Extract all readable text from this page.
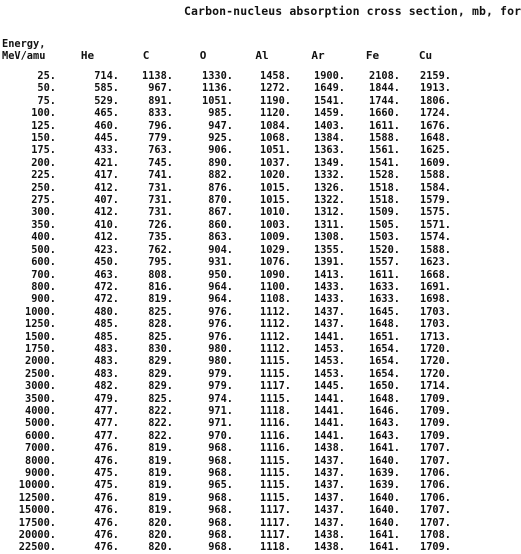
Carbon-nucleus absorption cross section, mb, for
Energy,
MeV/amu	He	C	O	Al	Ar	Fe	Cu
25.	714.	1138.	1330.	1458.	1900.	2108.	2159.
50.	585.	967.	1136.	1272.	1649.	1844.	1913.
75.	529.	891.	1051.	1190.	1541.	1744.	1806.
100.	465.	833.	985.	1120.	1459.	1660.	1724.
125.	460.	796.	947.	1084.	1403.	1611.	1676.
150.	445.	779.	925.	1068.	1384.	1588.	1648.
175.	433.	763.	906.	1051.	1363.	1561.	1625.
200.	421.	745.	890.	1037.	1349.	1541.	1609.
225.	417.	741.	882.	1020.	1332.	1528.	1588.
250.	412.	731.	876.	1015.	1326.	1518.	1584.
275.	407.	731.	870.	1015.	1322.	1518.	1579.
300.	412.	731.	867.	1010.	1312.	1509.	1575.
350.	410.	726.	860.	1003.	1311.	1505.	1571.
400.	412.	735.	863.	1009.	1308.	1503.	1574.
500.	423.	762.	904.	1029.	1355.	1520.	1588.
600.	450.	795.	931.	1076.	1391.	1557.	1623.
700.	463.	808.	950.	1090.	1413.	1611.	1668.
800.	472.	816.	964.	1100.	1433.	1633.	1691.
900.	472.	819.	964.	1108.	1433.	1633.	1698.
1000.	480.	825.	976.	1112.	1437.	1645.	1703.
1250.	485.	828.	976.	1112.	1437.	1648.	1703.
1500.	485.	825.	976.	1112.	1441.	1651.	1713.
1750.	483.	830.	980.	1112.	1453.	1654.	1720.
2000.	483.	829.	980.	1115.	1453.	1654.	1720.
2500.	483.	829.	979.	1115.	1453.	1654.	1720.
3000.	482.	829.	979.	1117.	1445.	1650.	1714.
3500.	479.	825.	974.	1115.	1441.	1648.	1709.
4000.	477.	822.	971.	1118.	1441.	1646.	1709.
5000.	477.	822.	971.	1116.	1441.	1643.	1709.
6000.	477.	822.	970.	1116.	1441.	1643.	1709.
7000.	476.	819.	968.	1116.	1438.	1641.	1707.
8000.	476.	819.	968.	1115.	1437.	1640.	1707.
9000.	475.	819.	968.	1115.	1437.	1639.	1706.
10000.	475.	819.	965.	1115.	1437.	1639.	1706.
12500.	476.	819.	968.	1115.	1437.	1640.	1706.
15000.	476.	819.	968.	1117.	1437.	1640.	1707.
17500.	476.	820.	968.	1117.	1437.	1640.	1707.
20000.	476.	820.	968.	1117.	1438.	1641.	1708.
22500.	476.	820.	968.	1118.	1438.	1641.	1709.
